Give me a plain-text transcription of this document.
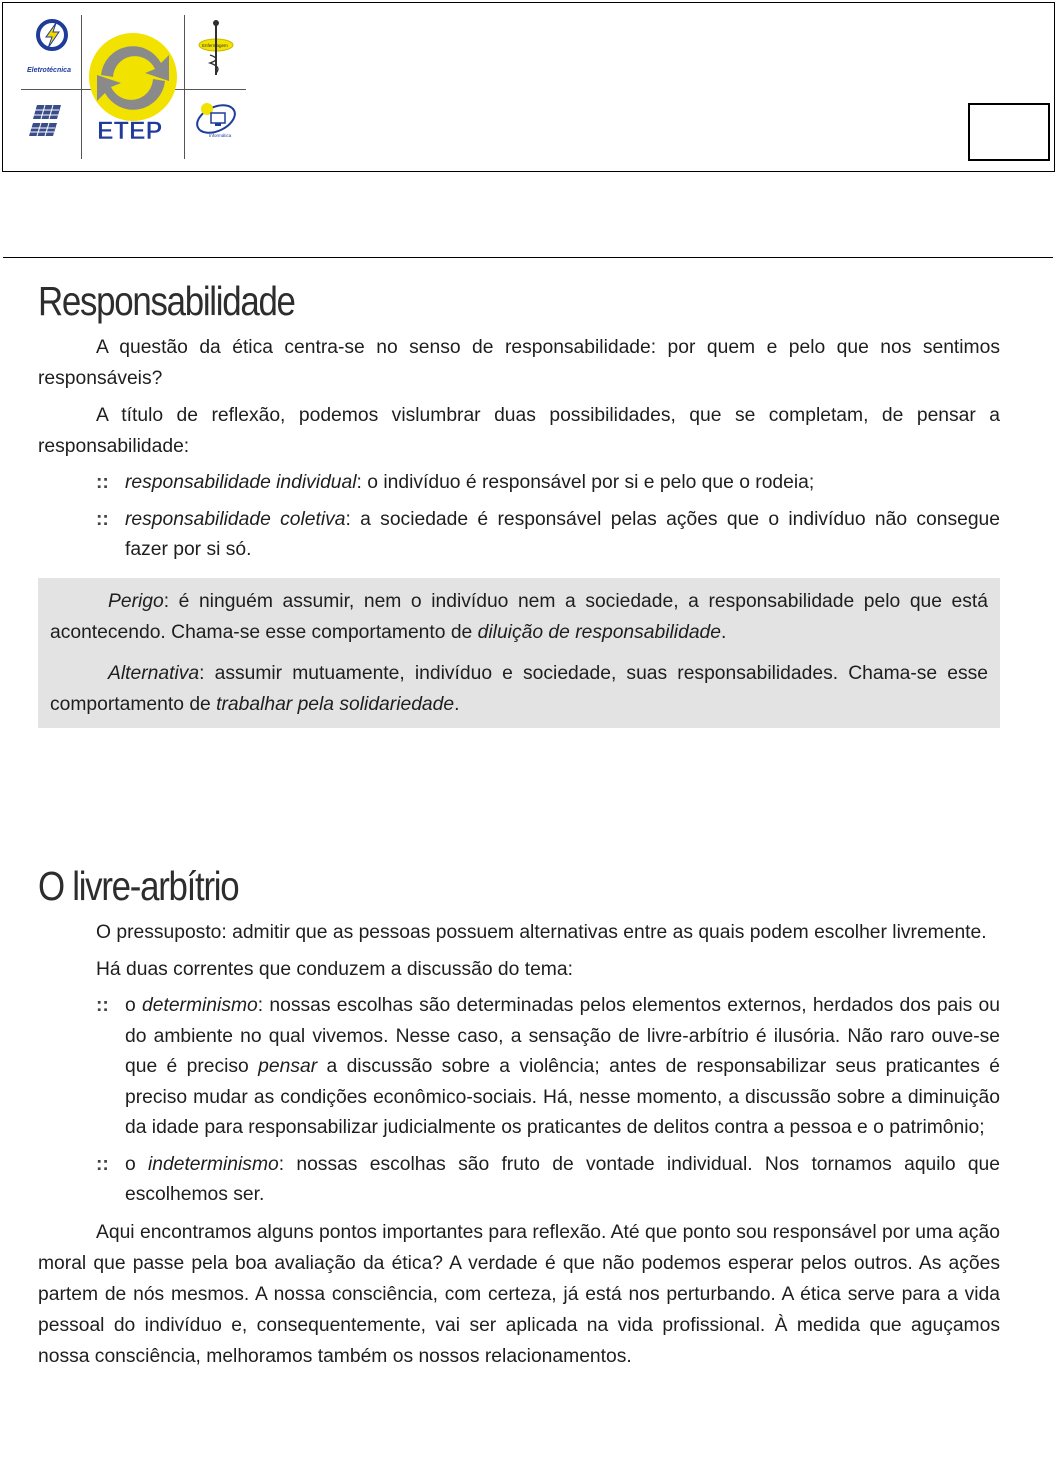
Eletrotécnica
ETEP
Enfermagem
Informática
Responsabilidade

A questão da ética centra-se no senso de responsabilidade: por quem e pelo que nos sentimos responsáveis?

A título de reflexão, podemos vislumbrar duas possibilidades, que se completam, de pensar a responsabilidade:

:: responsabilidade individual: o indivíduo é responsável por si e pelo que o rodeia;
:: responsabilidade coletiva: a sociedade é responsável pelas ações que o indivíduo não consegue fazer por si só.

Perigo: é ninguém assumir, nem o indivíduo nem a sociedade, a responsabilidade pelo que está acontecendo. Chama-se esse comportamento de diluição de responsabilidade.

Alternativa: assumir mutuamente, indivíduo e sociedade, suas responsabilidades. Chama-se esse comportamento de trabalhar pela solidariedade.

O livre-arbítrio

O pressuposto: admitir que as pessoas possuem alternativas entre as quais podem escolher livremente.

Há duas correntes que conduzem a discussão do tema:

:: o determinismo: nossas escolhas são determinadas pelos elementos externos, herdados dos pais ou do ambiente no qual vivemos. Nesse caso, a sensação de livre-arbítrio é ilusória. Não raro ouve-se que é preciso pensar a discussão sobre a violência; antes de responsabilizar seus praticantes é preciso mudar as condições econômico-sociais. Há, nesse momento, a discussão sobre a diminuição da idade para responsabilizar judicialmente os praticantes de delitos contra a pessoa e o patrimônio;
:: o indeterminismo: nossas escolhas são fruto de vontade individual. Nos tornamos aquilo que escolhemos ser.

Aqui encontramos alguns pontos importantes para reflexão. Até que ponto sou responsável por uma ação moral que passe pela boa avaliação da ética? A verdade é que não podemos esperar pelos outros. As ações partem de nós mesmos. A nossa consciência, com certeza, já está nos perturbando. A ética serve para a vida pessoal do indivíduo e, consequentemente, vai ser aplicada na vida profissional. À medida que aguçamos nossa consciência, melhoramos também os nossos relacionamentos.
